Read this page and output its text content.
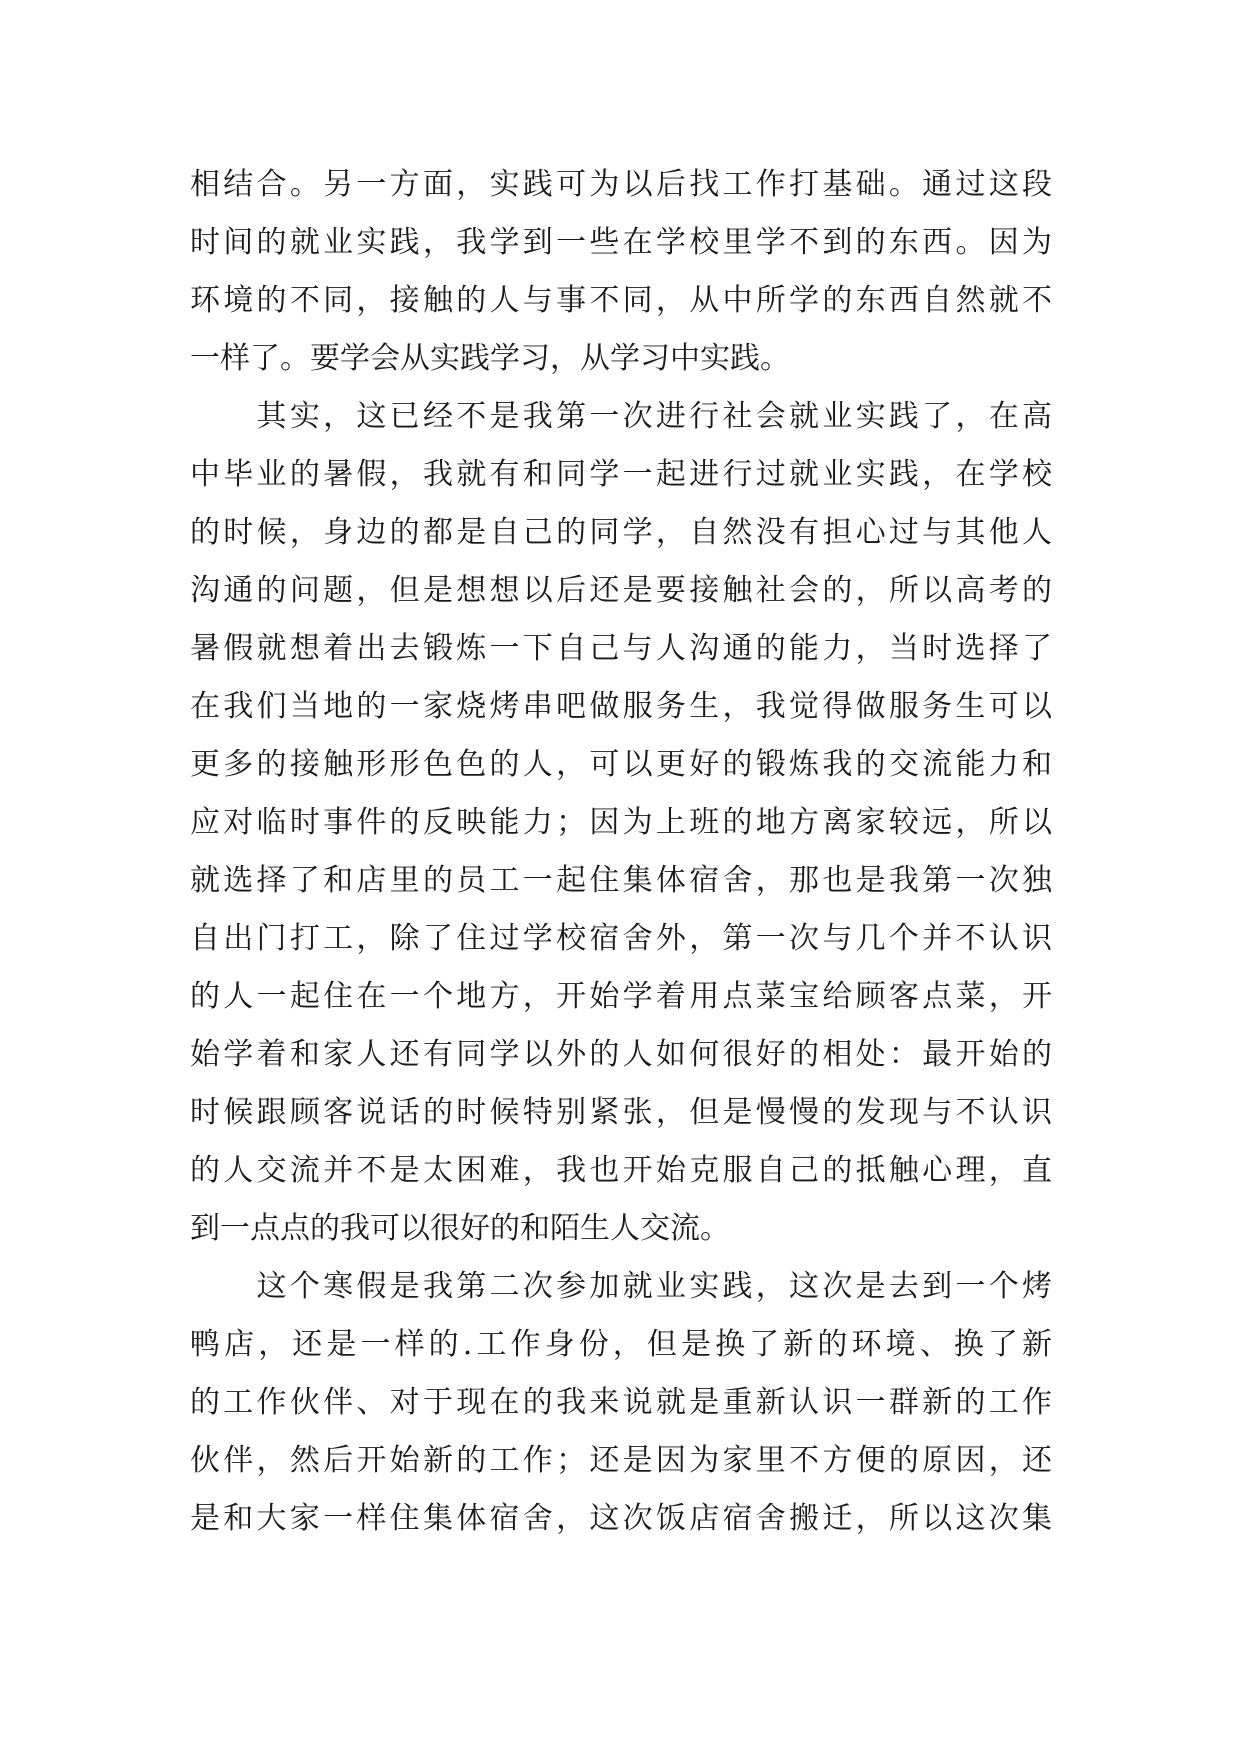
相结合。另一方面，实践可为以后找工作打基础。通过这段
时间的就业实践，我学到一些在学校里学不到的东西。因为
环境的不同，接触的人与事不同，从中所学的东西自然就不
一样了。要学会从实践学习，从学习中实践。
　　其实，这已经不是我第一次进行社会就业实践了，在高
中毕业的暑假，我就有和同学一起进行过就业实践，在学校
的时候，身边的都是自己的同学，自然没有担心过与其他人
沟通的问题，但是想想以后还是要接触社会的，所以高考的
暑假就想着出去锻炼一下自己与人沟通的能力，当时选择了
在我们当地的一家烧烤串吧做服务生，我觉得做服务生可以
更多的接触形形色色的人，可以更好的锻炼我的交流能力和
应对临时事件的反映能力；因为上班的地方离家较远，所以
就选择了和店里的员工一起住集体宿舍，那也是我第一次独
自出门打工，除了住过学校宿舍外，第一次与几个并不认识
的人一起住在一个地方，开始学着用点菜宝给顾客点菜，开
始学着和家人还有同学以外的人如何很好的相处：最开始的
时候跟顾客说话的时候特别紧张，但是慢慢的发现与不认识
的人交流并不是太困难，我也开始克服自己的抵触心理，直
到一点点的我可以很好的和陌生人交流。
　　这个寒假是我第二次参加就业实践，这次是去到一个烤
鸭店，还是一样的.工作身份，但是换了新的环境、换了新
的工作伙伴、对于现在的我来说就是重新认识一群新的工作
伙伴，然后开始新的工作；还是因为家里不方便的原因，还
是和大家一样住集体宿舍，这次饭店宿舍搬迁，所以这次集
